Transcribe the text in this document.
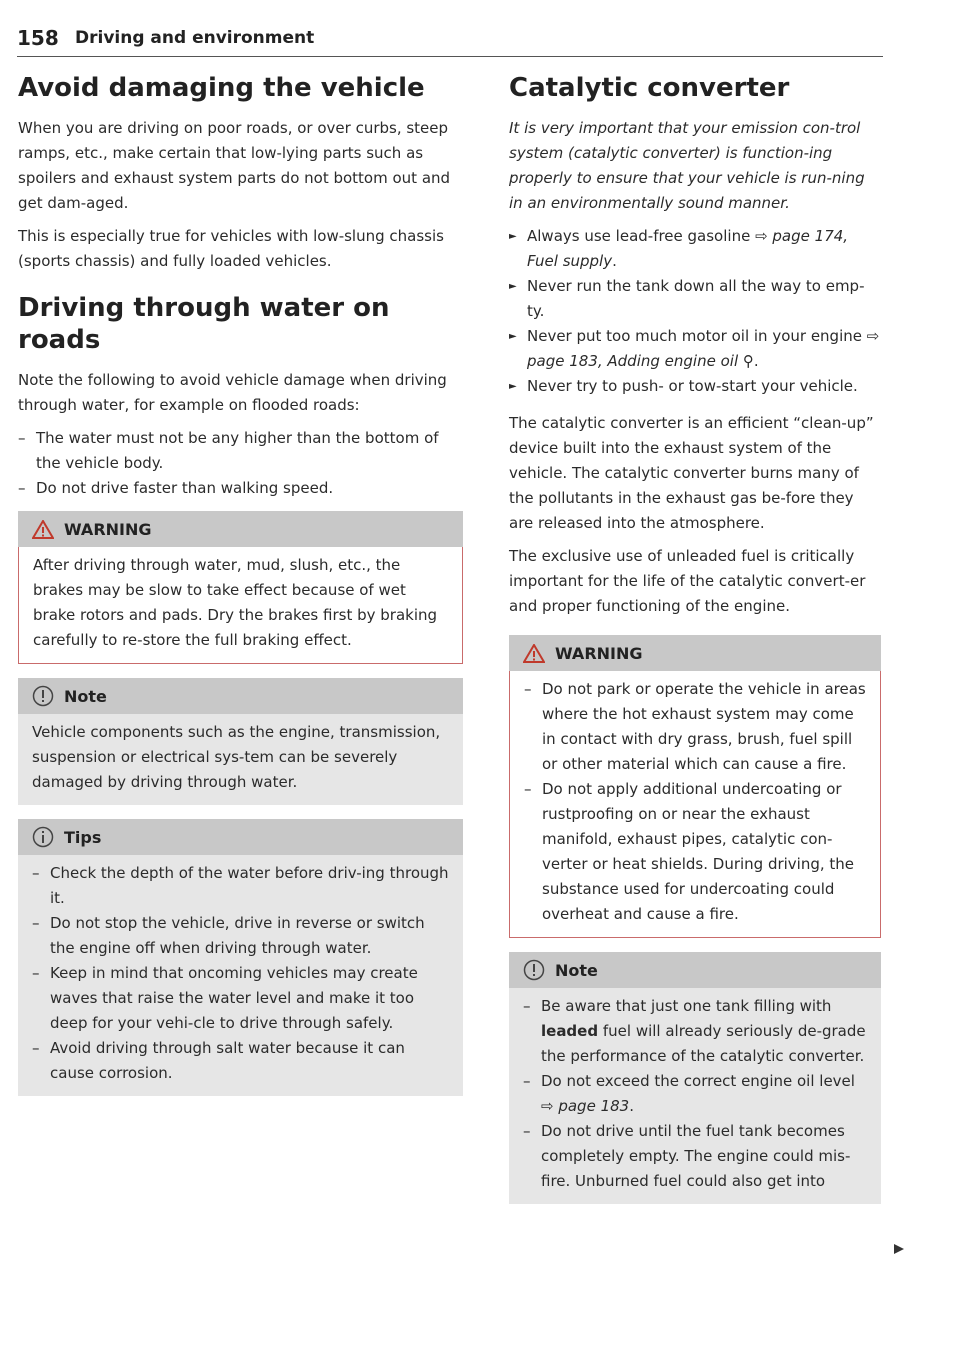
158 Driving and environment
Avoid damaging the vehicle

When you are driving on poor roads, or over curbs, steep ramps, etc., make certain that low-lying parts such as spoilers and exhaust system parts do not bottom out and get dam-aged.

This is especially true for vehicles with low-slung chassis (sports chassis) and fully loaded vehicles.

Driving through water on roads

Note the following to avoid vehicle damage when driving through water, for example on flooded roads:

– The water must not be any higher than the bottom of the vehicle body.
– Do not drive faster than walking speed.
WARNING

After driving through water, mud, slush, etc., the brakes may be slow to take effect because of wet brake rotors and pads. Dry the brakes first by braking carefully to re-store the full braking effect.

Note

Vehicle components such as the engine, transmission, suspension or electrical sys-tem can be severely damaged by driving through water.

Tips
– Check the depth of the water before driv-ing through it.
– Do not stop the vehicle, drive in reverse or switch the engine off when driving through water.
– Keep in mind that oncoming vehicles may create waves that raise the water level and make it too deep for your vehi-cle to drive through safely.
– Avoid driving through salt water because it can cause corrosion.
Catalytic converter

It is very important that your emission con-trol system (catalytic converter) is function-ing properly to ensure that your vehicle is run-ning in an environmentally sound manner.

► Always use lead-free gasoline ⇨ page 174, Fuel supply.
► Never run the tank down all the way to emp-ty.
► Never put too much motor oil in your engine ⇨ page 183, Adding engine oil ⚲.
► Never try to push- or tow-start your vehicle.

The catalytic converter is an efficient “clean-up” device built into the exhaust system of the vehicle. The catalytic converter burns many of the pollutants in the exhaust gas be-fore they are released into the atmosphere.

The exclusive use of unleaded fuel is critically important for the life of the catalytic convert-er and proper functioning of the engine.

WARNING
– Do not park or operate the vehicle in areas where the hot exhaust system may come in contact with dry grass, brush, fuel spill or other material which can cause a fire.
– Do not apply additional undercoating or rustproofing on or near the exhaust manifold, exhaust pipes, catalytic con-verter or heat shields. During driving, the substance used for undercoating could overheat and cause a fire.
Note
– Be aware that just one tank filling with leaded fuel will already seriously de-grade the performance of the catalytic converter.
– Do not exceed the correct engine oil level ⇨ page 183.
– Do not drive until the fuel tank becomes completely empty. The engine could mis-fire. Unburned fuel could also get into
